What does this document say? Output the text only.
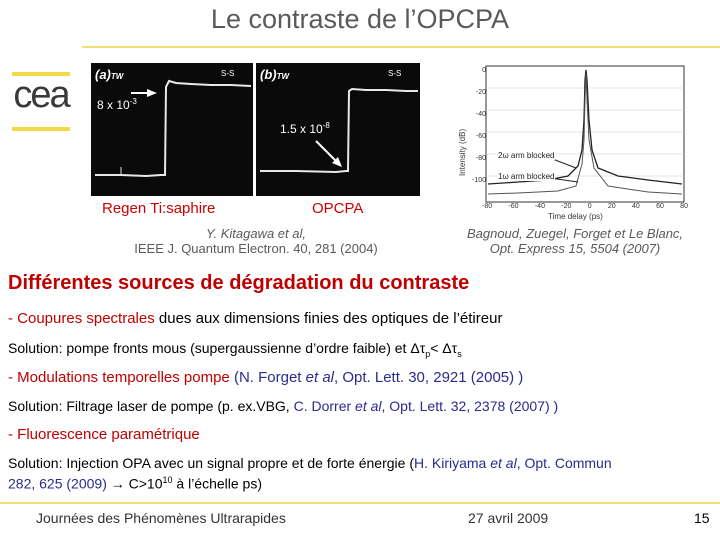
Le contraste de l’OPCPA
cea	(a)TW
8 x $10^{-3}$
S-S (b)TW
1.5 x $10^{-8}$
S-S
Regen Ti:saphire	OPCPA
Y. Kitagawa et al,
IEEE J. Quantum Electron. 40, 281 (2004)
Intensity (dB)
0
-20
-40
-60
-80
-100
-80 -60 -40 -20 0 20 40 60 80
Time delay (ps)
2ω arm blocked
1ω arm blocked
Bagnoud, Zuegel, Forget et Le Blanc,
Opt. Express 15, 5504 (2007)
Différentes sources de dégradation du contraste
- Coupures spectrales dues aux dimensions finies des optiques de l’étireur
Solution: pompe fronts mous (supergaussienne d’ordre faible) et $\Delta\tau_p< \Delta\tau_s$
- Modulations temporelles pompe (N. Forget et al, Opt. Lett. 30, 2921 (2005) )
Solution: Filtrage laser de pompe (p. ex.VBG, C. Dorrer et al, Opt. Lett. 32, 2378 (2007) )
- Fluorescence paramétrique
Solution: Injection OPA avec un signal propre et de forte énergie (H. Kiriyama et al, Opt. Commun
282, 625 $(2009) \to C>10^{10}$ à l’échelle ps)
Journées des Phénomènes Ultrarapides	27 avril 2009	15
